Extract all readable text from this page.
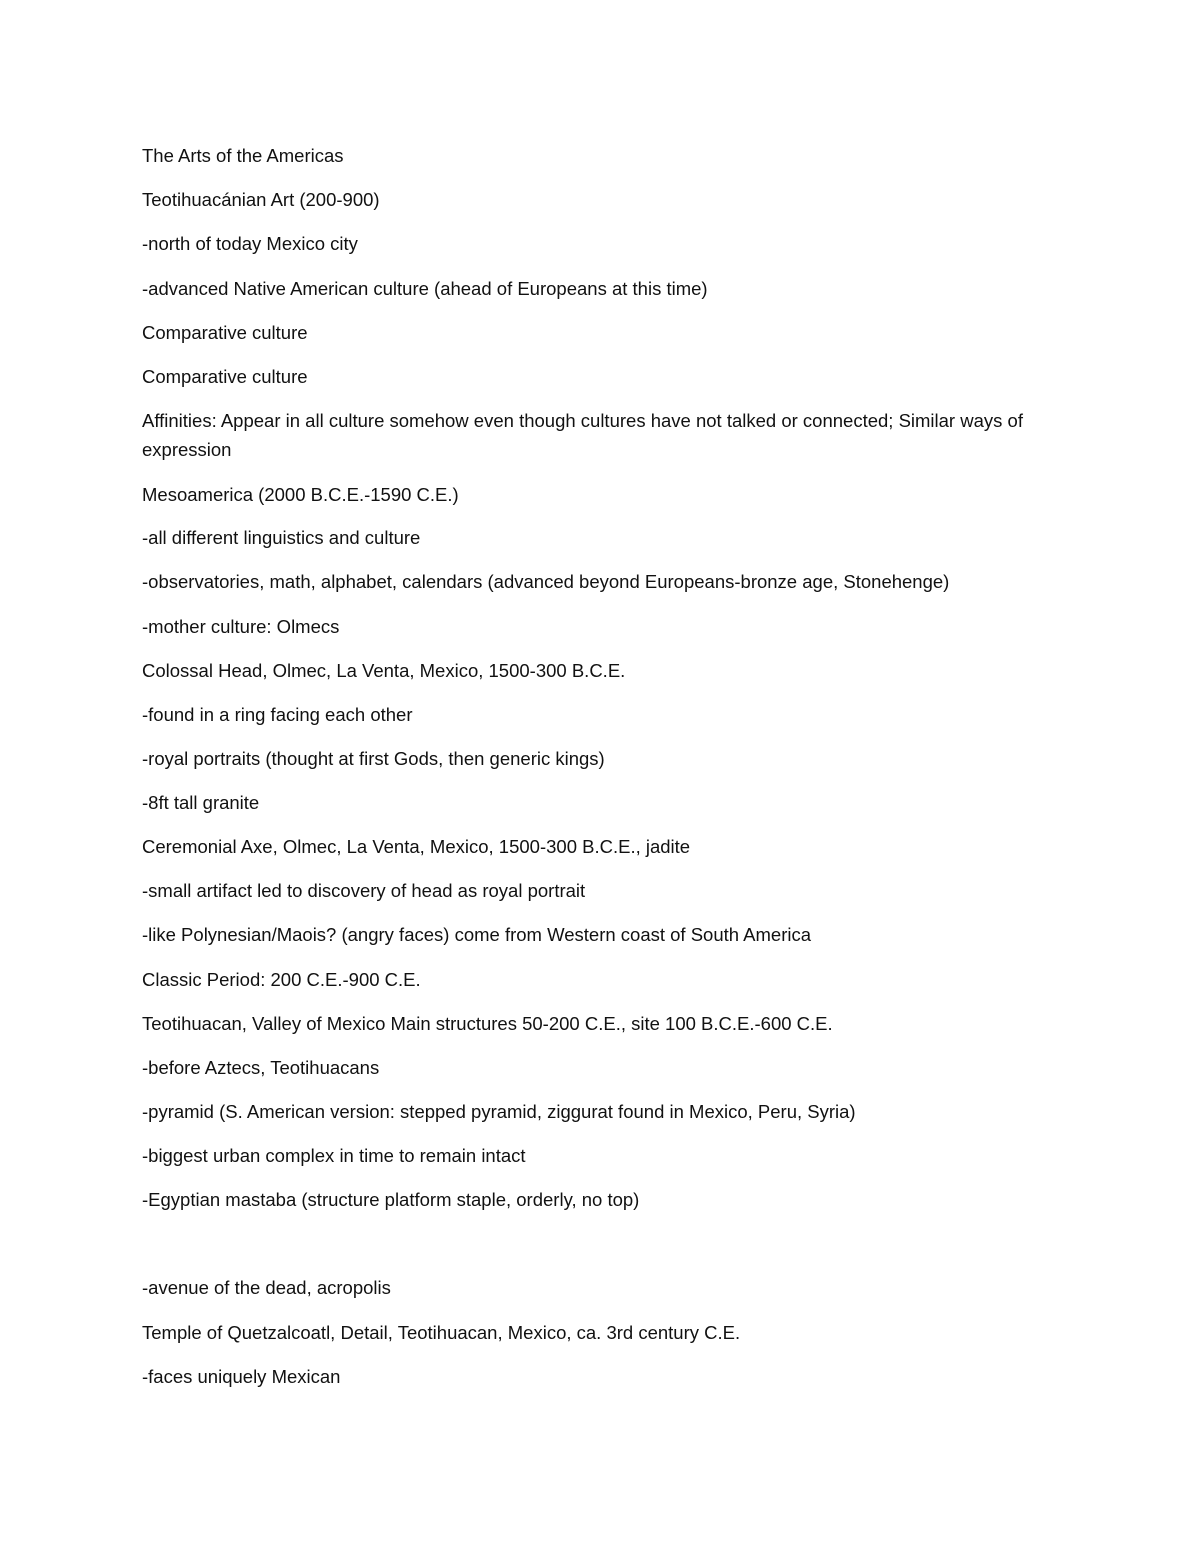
The Arts of the Americas
Teotihuacánian Art (200-900)
-north of today Mexico city
-advanced Native American culture (ahead of Europeans at this time)
Comparative culture
Comparative culture
Affinities: Appear in all culture somehow even though cultures have not talked or connected; Similar ways of expression
Mesoamerica (2000 B.C.E.-1590 C.E.)
-all different linguistics and culture
-observatories, math, alphabet, calendars (advanced beyond Europeans-bronze age, Stonehenge)
-mother culture: Olmecs
Colossal Head, Olmec, La Venta, Mexico, 1500-300 B.C.E.
-found in a ring facing each other
-royal portraits (thought at first Gods, then generic kings)
-8ft tall granite
Ceremonial Axe, Olmec, La Venta, Mexico, 1500-300 B.C.E., jadite
-small artifact led to discovery of head as royal portrait
-like Polynesian/Maois? (angry faces) come from Western coast of South America
Classic Period: 200 C.E.-900 C.E.
Teotihuacan, Valley of Mexico Main structures 50-200 C.E., site 100 B.C.E.-600 C.E.
-before Aztecs, Teotihuacans
-pyramid (S. American version: stepped pyramid, ziggurat found in Mexico, Peru, Syria)
-biggest urban complex in time to remain intact
-Egyptian mastaba (structure platform staple, orderly, no top)
-avenue of the dead, acropolis
Temple of Quetzalcoatl, Detail, Teotihuacan, Mexico, ca. 3rd century C.E.
-faces uniquely Mexican
